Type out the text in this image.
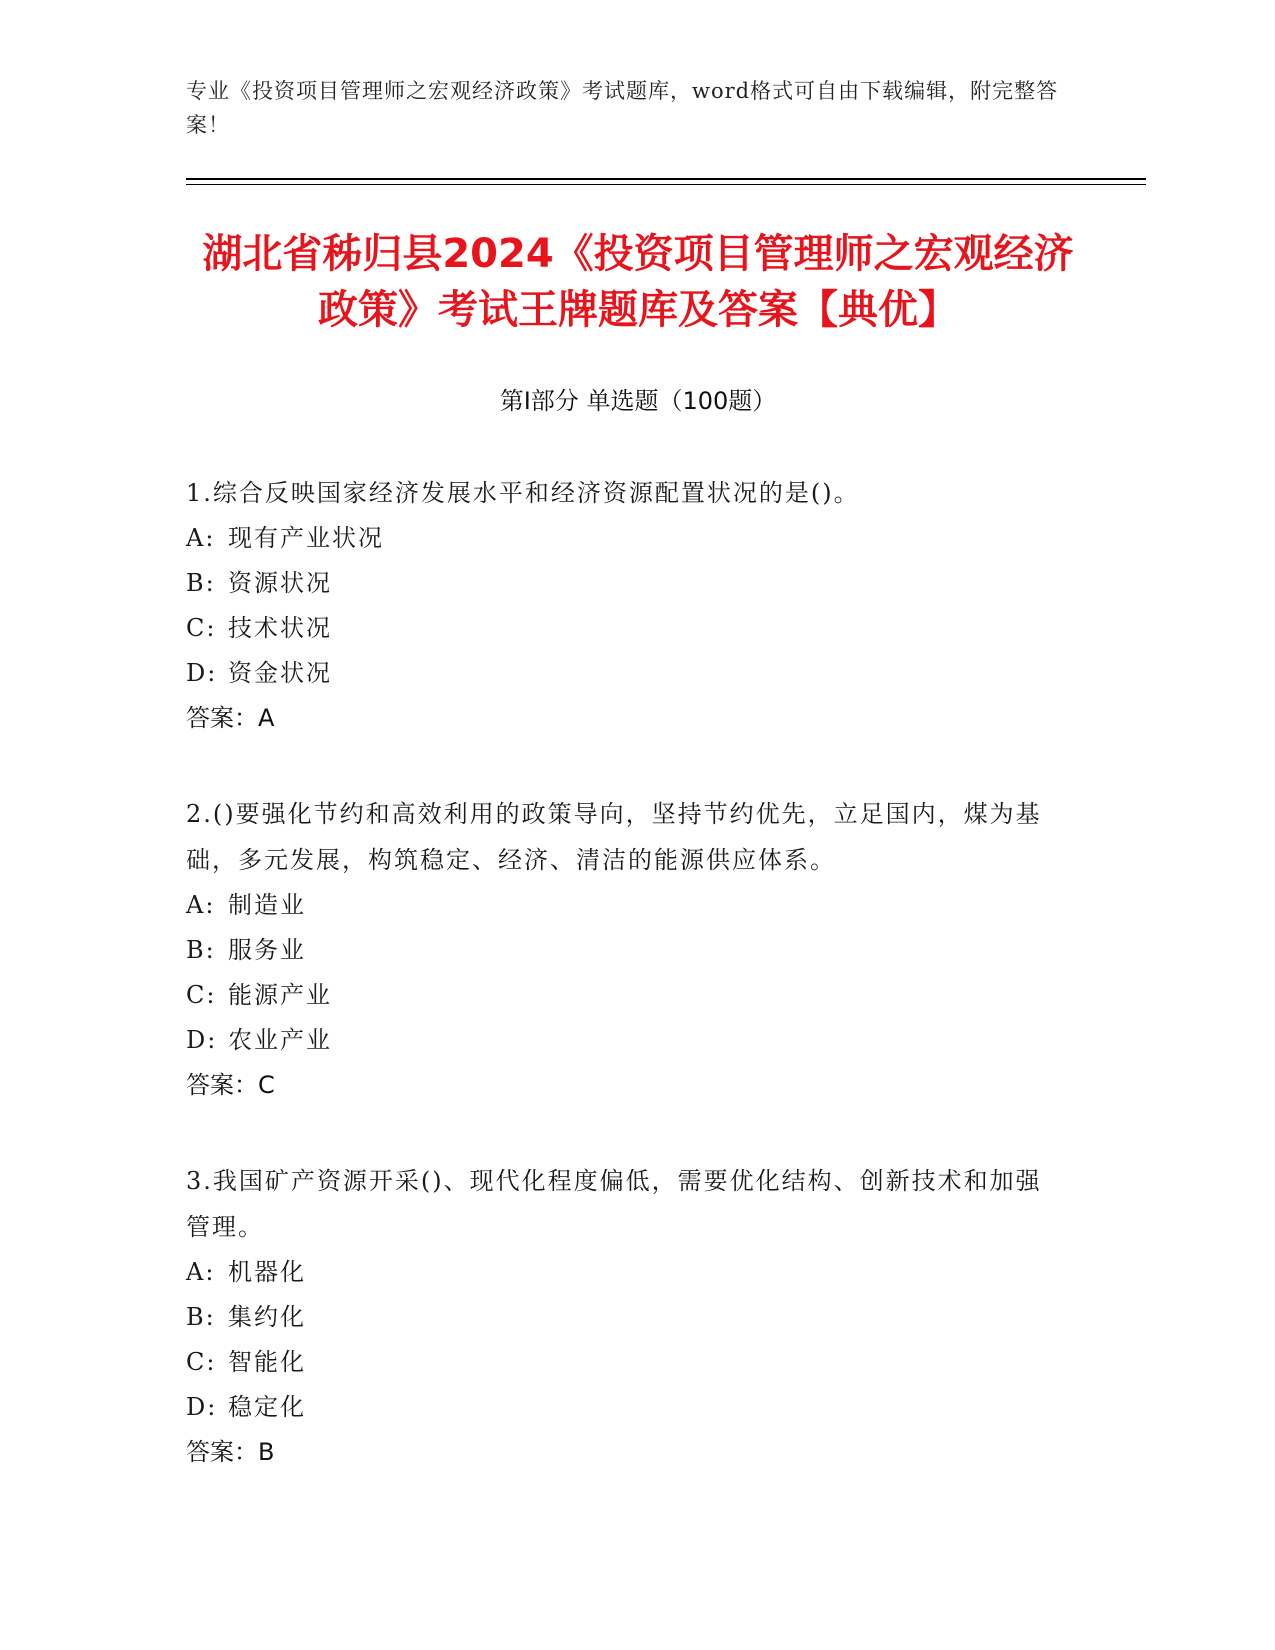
专业《投资项目管理师之宏观经济政策》考试题库，word格式可自由下载编辑，附完整答案！
湖北省秭归县2024《投资项目管理师之宏观经济政策》考试王牌题库及答案【典优】
第Ⅰ部分 单选题（100题）
1.综合反映国家经济发展水平和经济资源配置状况的是()。
A: 现有产业状况
B: 资源状况
C: 技术状况
D: 资金状况
答案：A
2.()要强化节约和高效利用的政策导向，坚持节约优先，立足国内，煤为基础，多元发展，构筑稳定、经济、清洁的能源供应体系。
A: 制造业
B: 服务业
C: 能源产业
D: 农业产业
答案：C
3.我国矿产资源开采()、现代化程度偏低，需要优化结构、创新技术和加强管理。
A: 机器化
B: 集约化
C: 智能化
D: 稳定化
答案：B
